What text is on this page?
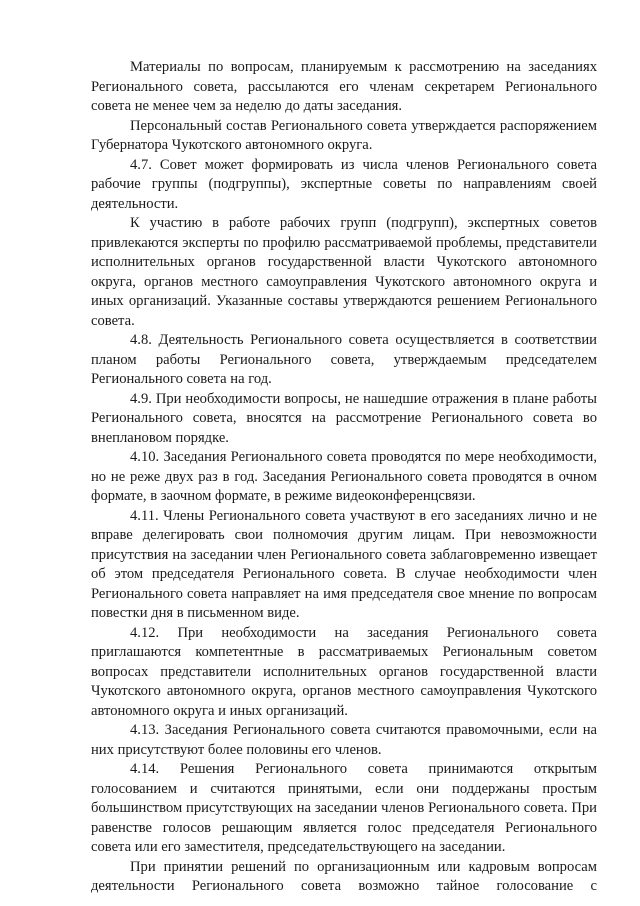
Материалы по вопросам, планируемым к рассмотрению на заседаниях Регионального совета, рассылаются его членам секретарем Регионального совета не менее чем за неделю до даты заседания.

Персональный состав Регионального совета утверждается распоряжением Губернатора Чукотского автономного округа.

4.7. Совет может формировать из числа членов Регионального совета рабочие группы (подгруппы), экспертные советы по направлениям своей деятельности.

К участию в работе рабочих групп (подгрупп), экспертных советов привлекаются эксперты по профилю рассматриваемой проблемы, представители исполнительных органов государственной власти Чукотского автономного округа, органов местного самоуправления Чукотского автономного округа и иных организаций. Указанные составы утверждаются решением Регионального совета.

4.8. Деятельность Регионального совета осуществляется в соответствии планом работы Регионального совета, утверждаемым председателем Регионального совета на год.

4.9. При необходимости вопросы, не нашедшие отражения в плане работы Регионального совета, вносятся на рассмотрение Регионального совета во внеплановом порядке.

4.10. Заседания Регионального совета проводятся по мере необходимости, но не реже двух раз в год. Заседания Регионального совета проводятся в очном формате, в заочном формате, в режиме видеоконференцсвязи.

4.11. Члены Регионального совета участвуют в его заседаниях лично и не вправе делегировать свои полномочия другим лицам. При невозможности присутствия на заседании член Регионального совета заблаговременно извещает об этом председателя Регионального совета. В случае необходимости член Регионального совета направляет на имя председателя свое мнение по вопросам повестки дня в письменном виде.

4.12. При необходимости на заседания Регионального совета приглашаются компетентные в рассматриваемых Региональным советом вопросах представители исполнительных органов государственной власти Чукотского автономного округа, органов местного самоуправления Чукотского автономного округа и иных организаций.

4.13. Заседания Регионального совета считаются правомочными, если на них присутствуют более половины его членов.

4.14. Решения Регионального совета принимаются открытым голосованием и считаются принятыми, если они поддержаны простым большинством присутствующих на заседании членов Регионального совета. При равенстве голосов решающим является голос председателя Регионального совета или его заместителя, председательствующего на заседании.

При принятии решений по организационным или кадровым вопросам деятельности Регионального совета возможно тайное голосование с
